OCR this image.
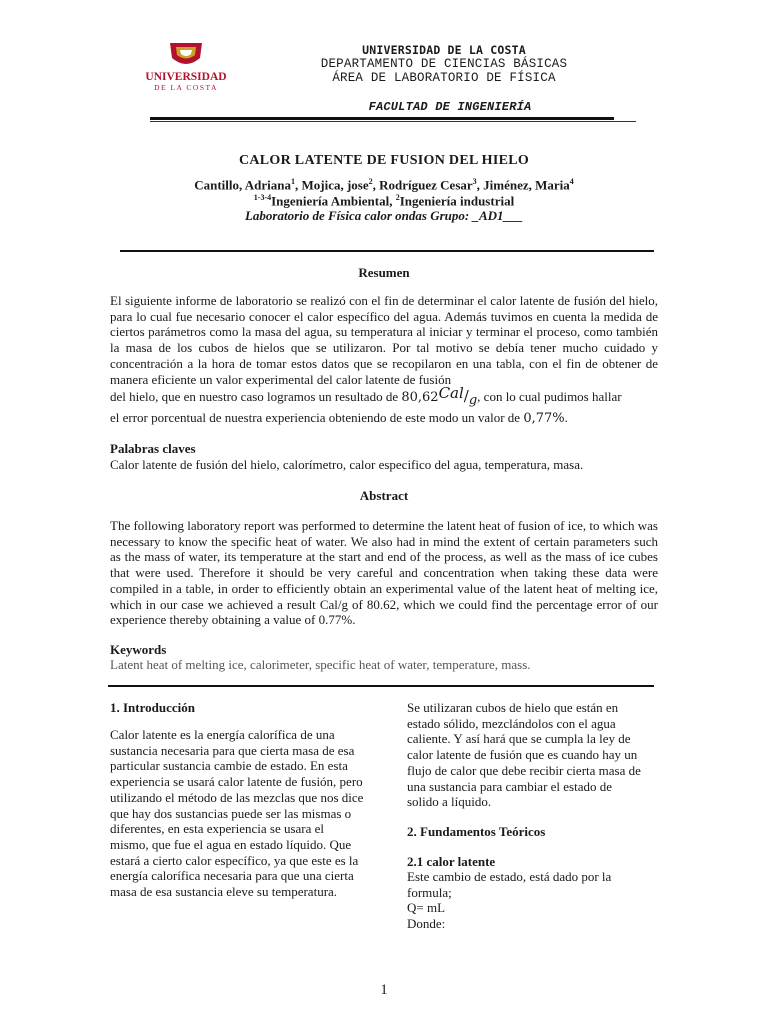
UNIVERSIDAD
DE LA COSTA
UNIVERSIDAD DE LA COSTA
DEPARTAMENTO DE CIENCIAS BÁSICAS
ÁREA DE LABORATORIO DE FÍSICA
FACULTAD DE INGENIERÍA
CALOR LATENTE DE FUSION DEL HIELO
Cantillo, Adriana$^1$, Mojica, jose$^2$, Rodríguez Cesar$^3$, Jiménez, Maria$^4$
$^{1-3-4}$Ingeniería Ambiental, $^2$Ingeniería industrial
Laboratorio de Física calor ondas Grupo: _AD1___
Resumen
El siguiente informe de laboratorio se realizó con el fin de determinar el calor latente de fusión del hielo, para lo cual fue necesario conocer el calor específico del agua. Además tuvimos en cuenta la medida de ciertos parámetros como la masa del agua, su temperatura al iniciar y terminar el proceso, como también la masa de los cubos de hielos que se utilizaron. Por tal motivo se debía tener mucho cuidado y concentración a la hora de tomar estos datos que se recopilaron en una tabla, con el fin de obtener de manera eficiente un valor experimental del calor latente de fusión
del hielo, que en nuestro caso logramos un resultado de 80,62Cal/g, con lo cual pudimos hallar
el error porcentual de nuestra experiencia obteniendo de este modo un valor de 0,77%.
Palabras claves
Calor latente de fusión del hielo, calorímetro, calor especifico del agua, temperatura, masa.
Abstract
The following laboratory report was performed to determine the latent heat of fusion of ice, to which was necessary to know the specific heat of water. We also had in mind the extent of certain parameters such as the mass of water, its temperature at the start and end of the process, as well as the mass of ice cubes that were used. Therefore it should be very careful and concentration when taking these data were compiled in a table, in order to efficiently obtain an experimental value of the latent heat of melting ice, which in our case we achieved a result Cal/g of 80.62, which we could find the percentage error of our experience thereby obtaining a value of 0.77%.
Keywords
Latent heat of melting ice, calorimeter, specific heat of water, temperature, mass.
1. Introducción
Calor latente es la energía calorífica de una sustancia necesaria para que cierta masa de esa particular sustancia cambie de estado. En esta experiencia se usará calor latente de fusión, pero utilizando el método de las mezclas que nos dice que hay dos sustancias puede ser las mismas o diferentes, en esta experiencia se usara el mismo, que fue el agua en estado líquido. Que estará a cierto calor específico, ya que este es la energía calorífica necesaria para que una cierta masa de esa sustancia eleve su temperatura.
Se utilizaran cubos de hielo que están en estado sólido, mezclándolos con el agua caliente. Y así hará que se cumpla la ley de calor latente de fusión que es cuando hay un flujo de calor que debe recibir cierta masa de una sustancia para cambiar el estado de solido a líquido.
2. Fundamentos Teóricos
2.1 calor latente
Este cambio de estado, está dado por la formula;
Q= mL
Donde:
1
